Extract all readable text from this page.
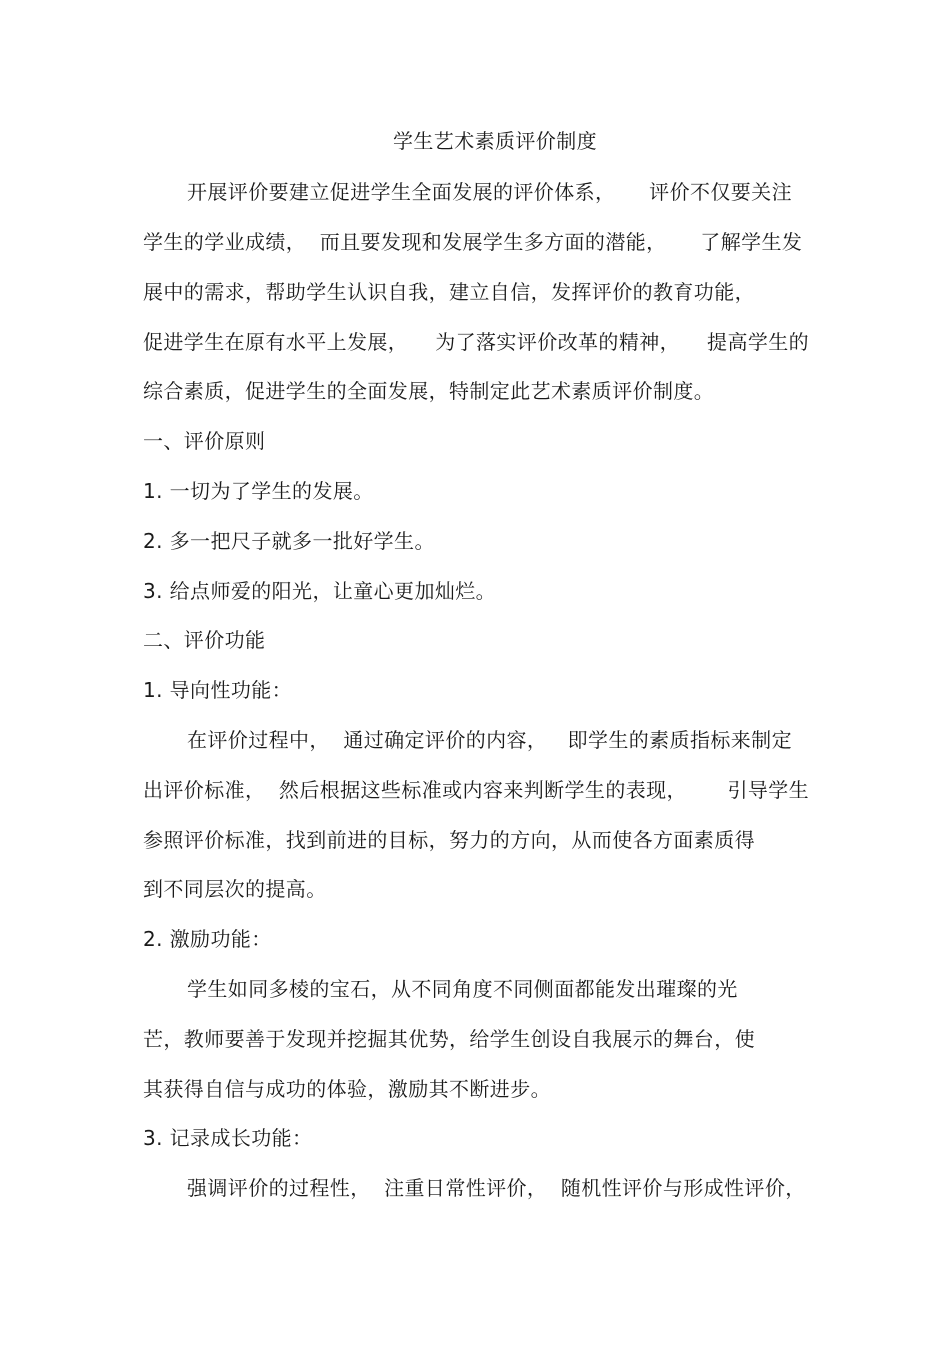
学生艺术素质评价制度
开展评价要建立促进学生全面发展的评价体系，     评价不仅要关注
学生的学业成绩，  而且要发现和发展学生多方面的潜能，     了解学生发
展中的需求，帮助学生认识自我，建立自信，发挥评价的教育功能，
促进学生在原有水平上发展，    为了落实评价改革的精神，    提高学生的
综合素质，促进学生的全面发展，特制定此艺术素质评价制度。
一、评价原则
1. 一切为了学生的发展。
2. 多一把尺子就多一批好学生。
3. 给点师爱的阳光，让童心更加灿烂。
二、评价功能
1. 导向性功能：
在评价过程中，  通过确定评价的内容，   即学生的素质指标来制定
出评价标准，  然后根据这些标准或内容来判断学生的表现，      引导学生
参照评价标准，找到前进的目标，努力的方向，从而使各方面素质得
到不同层次的提高。
2. 激励功能：
学生如同多棱的宝石，从不同角度不同侧面都能发出璀璨的光
芒，教师要善于发现并挖掘其优势，给学生创设自我展示的舞台，使
其获得自信与成功的体验，激励其不断进步。
3. 记录成长功能：
强调评价的过程性，  注重日常性评价，  随机性评价与形成性评价，
